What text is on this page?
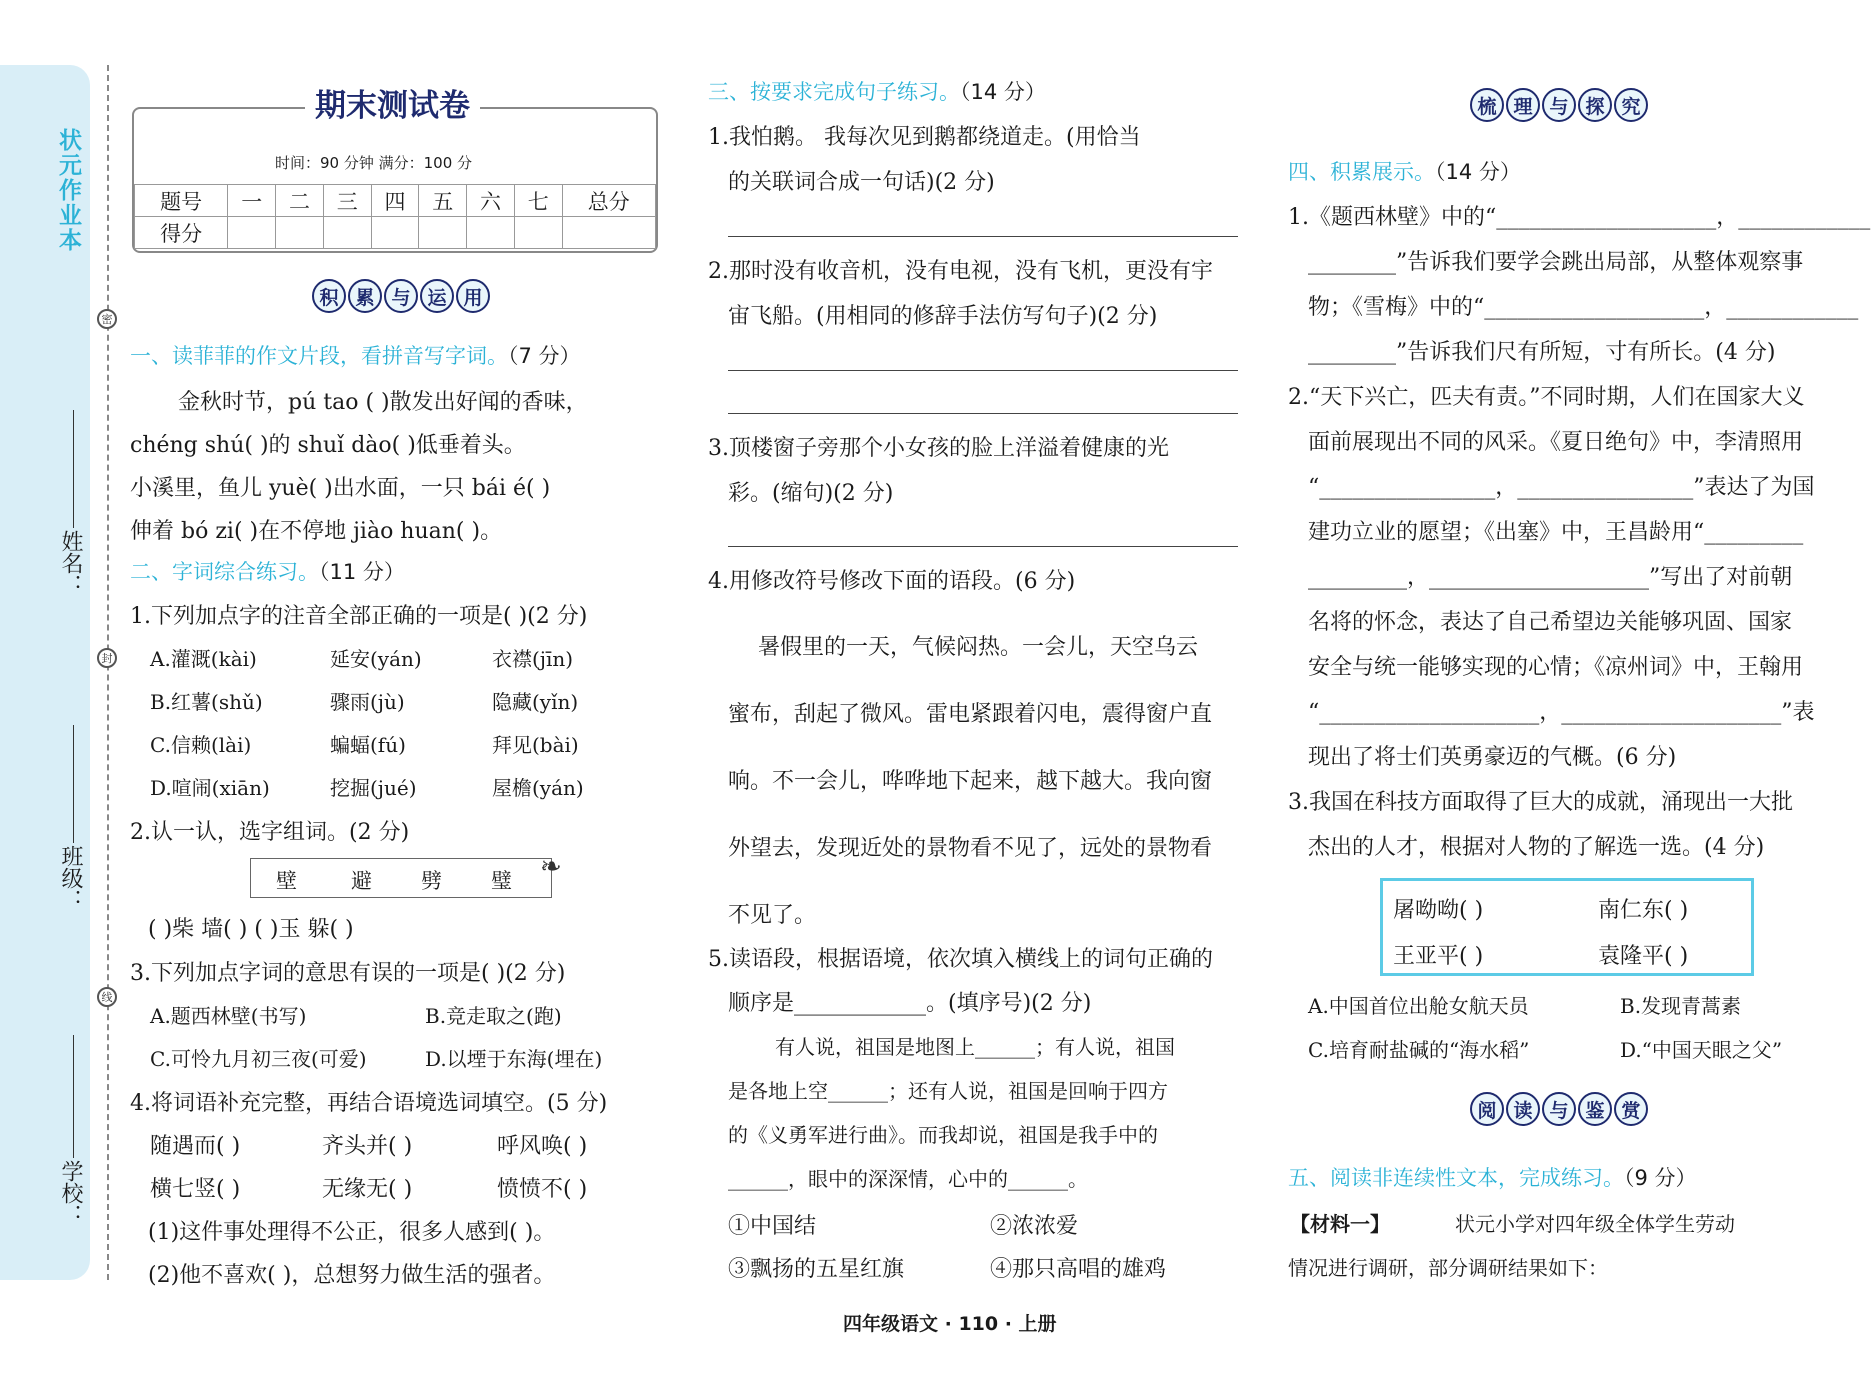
状元作业本
密
封
线
姓名：
班级：
学校：
期末测试卷
时间：90 分钟 满分：100 分
题号	一	二	三	四	五	六	七	总分
得分								
积 累 与 运 用
一、读菲菲的作文片段，看拼音写字词。（7 分）
金秋时节，pú tao ( )散发出好闻的香味，
chéng shú( )的 shuǐ dào( )低垂着头。
小溪里，鱼儿 yuè( )出水面，一只 bái é( )
伸着 bó zi( )在不停地 jiào huan( )。
二、字词综合练习。（11 分）
1.下列加点字的注音全部正确的一项是( )(2 分)
A.灌溉(kài)	延安(yán)	衣襟(jīn)
B.红薯(shǔ)	骤雨(jù)	隐藏(yǐn)
C.信赖(lài)	蝙蝠(fú)	拜见(bài)
D.喧闹(xiān)	挖掘(jué)	屋檐(yán)
2.认一认，选字组词。(2 分)
壁	避 劈 璧 ❧
( )柴 墙( ) ( )玉 躲( )
3.下列加点字词的意思有误的一项是( )(2 分)
A.题西林壁(书写)	B.竞走取之(跑)
C.可怜九月初三夜(可爱)	D.以堙于东海(埋在)
4.将词语补充完整，再结合语境选词填空。(5 分)
随遇而( )	齐头并( )	呼风唤( )
横七竖( )	无缘无( )	愤愤不( )
(1)这件事处理得不公正，很多人感到( )。
(2)他不喜欢( )，总想努力做生活的强者。
三、按要求完成句子练习。（14 分）
1.我怕鹅。 我每次见到鹅都绕道走。(用恰当
的关联词合成一句话)(2 分)
2.那时没有收音机，没有电视，没有飞机，更没有宇
宙飞船。(用相同的修辞手法仿写句子)(2 分)
3.顶楼窗子旁那个小女孩的脸上洋溢着健康的光
彩。(缩句)(2 分)
4.用修改符号修改下面的语段。(6 分)
暑假里的一天，气候闷热。一会儿，天空乌云
蜜布，刮起了微风。雷电紧跟着闪电，震得窗户直
响。不一会儿，哗哗地下起来，越下越大。我向窗
外望去，发现近处的景物看不见了，远处的景物看
不见了。
5.读语段，根据语境，依次填入横线上的词句正确的
顺序是____________。(填序号)(2 分)
有人说，祖国是地图上______；有人说，祖国
是各地上空______；还有人说，祖国是回响于四方
的《义勇军进行曲》。而我却说，祖国是我手中的
______，眼中的深深情，心中的______。
①中国结	②浓浓爱
③飘扬的五星红旗	④那只高唱的雄鸡
梳 理 与 探 究
四、积累展示。（14 分）
1.《题西林壁》中的“____________________，____________
________”告诉我们要学会跳出局部，从整体观察事
物；《雪梅》中的“____________________，____________
________”告诉我们尺有所短，寸有所长。(4 分)
2.“天下兴亡，匹夫有责。”不同时期，人们在国家大义
面前展现出不同的风采。《夏日绝句》中，李清照用
“________________，________________”表达了为国
建功立业的愿望；《出塞》中，王昌龄用“_________
_________，____________________”写出了对前朝
名将的怀念，表达了自己希望边关能够巩固、国家
安全与统一能够实现的心情；《凉州词》中，王翰用
“____________________，____________________”表
现出了将士们英勇豪迈的气概。(6 分)
3.我国在科技方面取得了巨大的成就，涌现出一大批
杰出的人才，根据对人物的了解选一选。(4 分)
屠呦呦( )	南仁东( )
王亚平( )	袁隆平( )
A.中国首位出舱女航天员	B.发现青蒿素
C.培育耐盐碱的“海水稻”	D.“中国天眼之父”
阅 读 与 鉴 赏
五、阅读非连续性文本，完成练习。（9 分）
【材料一】	状元小学对四年级全体学生劳动
情况进行调研，部分调研结果如下：
四年级语文 · 110 · 上册
